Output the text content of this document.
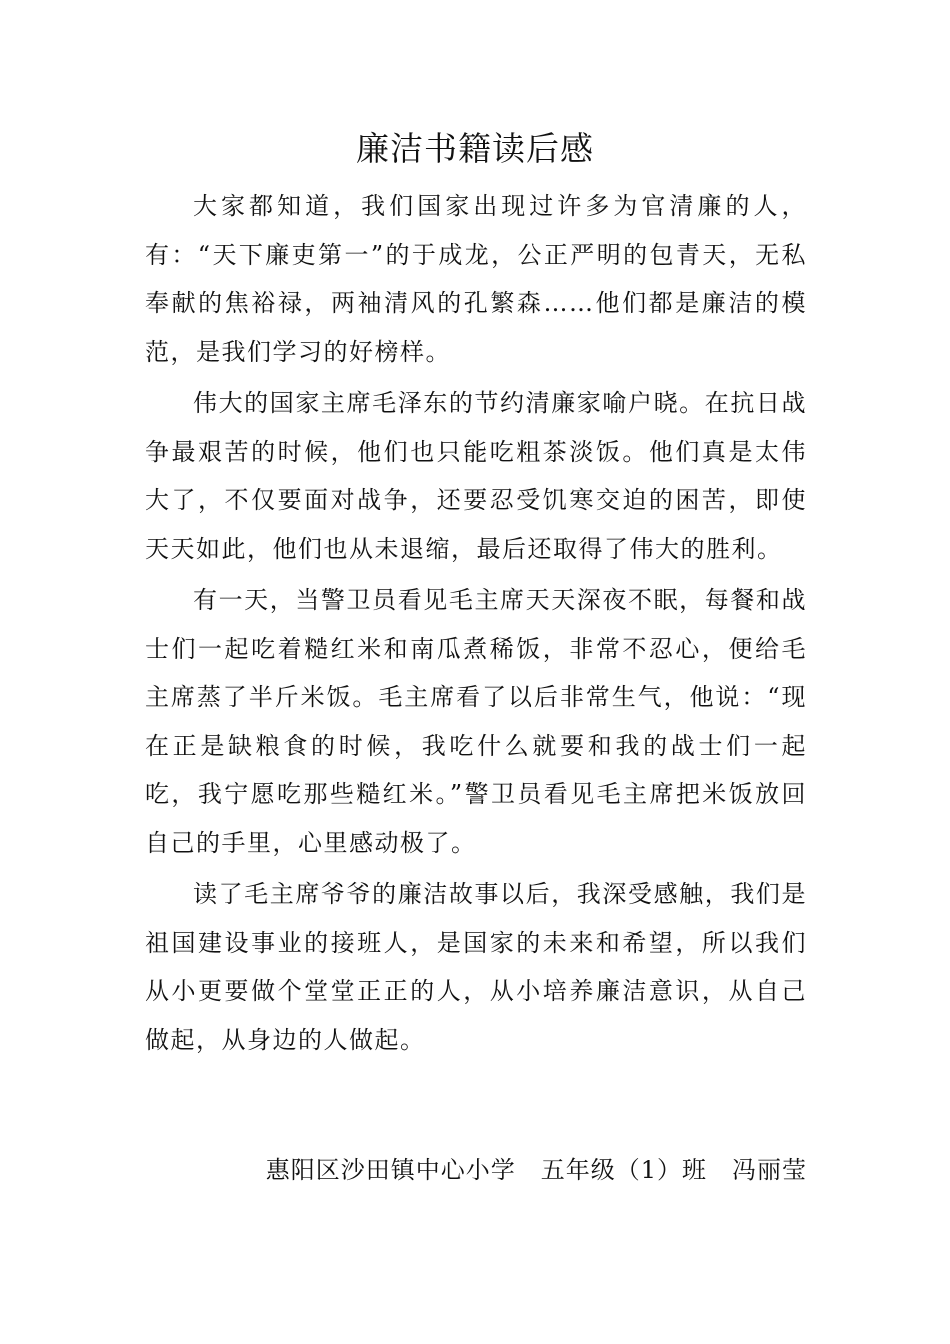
廉洁书籍读后感

大家都知道，我们国家出现过许多为官清廉的人，有：“天下廉吏第一”的于成龙，公正严明的包青天，无私奉献的焦裕禄，两袖清风的孔繁森……他们都是廉洁的模范，是我们学习的好榜样。

伟大的国家主席毛泽东的节约清廉家喻户晓。在抗日战争最艰苦的时候，他们也只能吃粗茶淡饭。他们真是太伟大了，不仅要面对战争，还要忍受饥寒交迫的困苦，即使天天如此，他们也从未退缩，最后还取得了伟大的胜利。

有一天，当警卫员看见毛主席天天深夜不眠，每餐和战士们一起吃着糙红米和南瓜煮稀饭，非常不忍心，便给毛主席蒸了半斤米饭。毛主席看了以后非常生气，他说：“现在正是缺粮食的时候，我吃什么就要和我的战士们一起吃，我宁愿吃那些糙红米。”警卫员看见毛主席把米饭放回自己的手里，心里感动极了。

读了毛主席爷爷的廉洁故事以后，我深受感触，我们是祖国建设事业的接班人，是国家的未来和希望，所以我们从小更要做个堂堂正正的人，从小培养廉洁意识，从自己做起，从身边的人做起。

惠阳区沙田镇中心小学　五年级（1）班　冯丽莹
